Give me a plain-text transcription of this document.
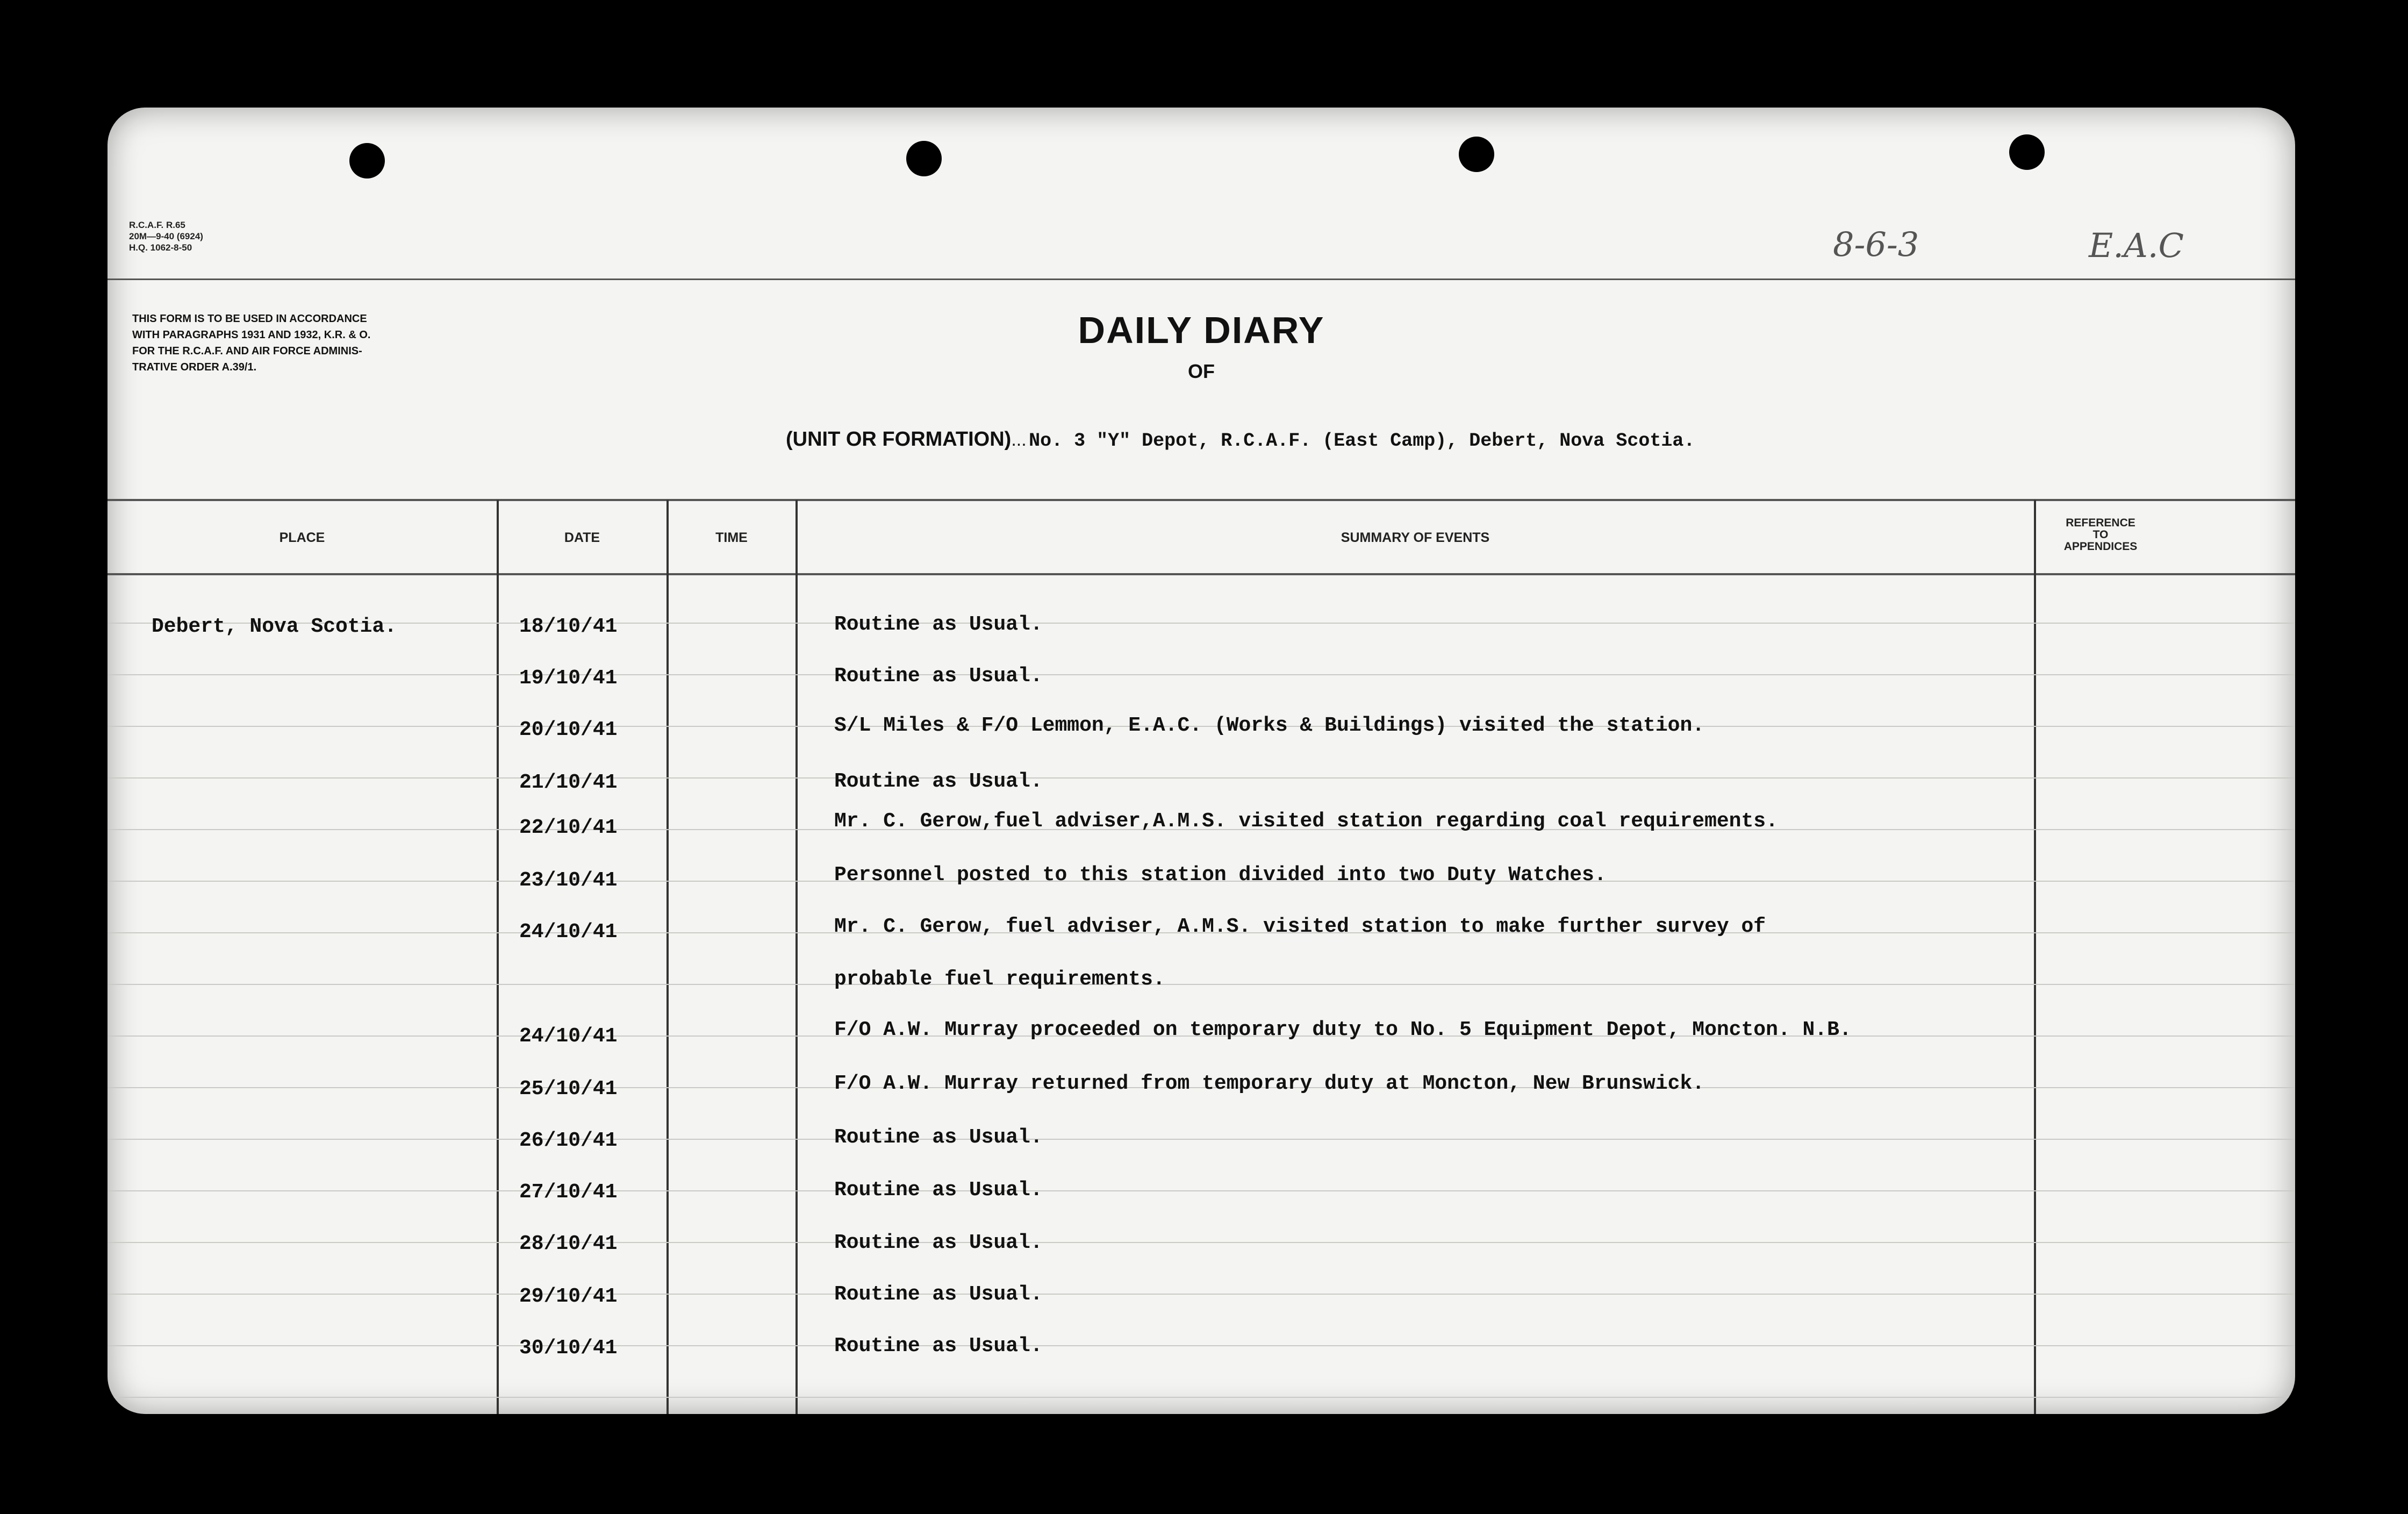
R.C.A.F. R.65
20M—9-40 (6924)
H.Q. 1062-8-50	8-6-3	E.A.C
THIS FORM IS TO BE USED IN ACCORDANCE
WITH PARAGRAPHS 1931 AND 1932, K.R. & O.
FOR THE R.C.A.F. AND AIR FORCE ADMINIS-
TRATIVE ORDER A.39/1.
DAILY DIARY
OF
(UNIT OR FORMATION)... No. 3 "Y" Depot, R.C.A.F. (East Camp), Debert, Nova Scotia.
PLACE	DATE	TIME	SUMMARY OF EVENTS
REFERENCE
TO
APPENDICES
Debert, Nova Scotia.	18/10/41	Routine as Usual.
19/10/41	Routine as Usual.
20/10/41	S/L Miles & F/O Lemmon, E.A.C. (Works & Buildings) visited the station.
21/10/41	Routine as Usual.
22/10/41	Mr. C. Gerow,fuel adviser,A.M.S. visited station regarding coal requirements.
23/10/41	Personnel posted to this station divided into two Duty Watches.
24/10/41	Mr. C. Gerow, fuel adviser, A.M.S. visited station to make further survey of
probable fuel requirements.
24/10/41	F/O A.W. Murray proceeded on temporary duty to No. 5 Equipment Depot, Moncton. N.B.
25/10/41	F/O A.W. Murray returned from temporary duty at Moncton, New Brunswick.
26/10/41	Routine as Usual.
27/10/41	Routine as Usual.
28/10/41	Routine as Usual.
29/10/41	Routine as Usual.
30/10/41	Routine as Usual.
